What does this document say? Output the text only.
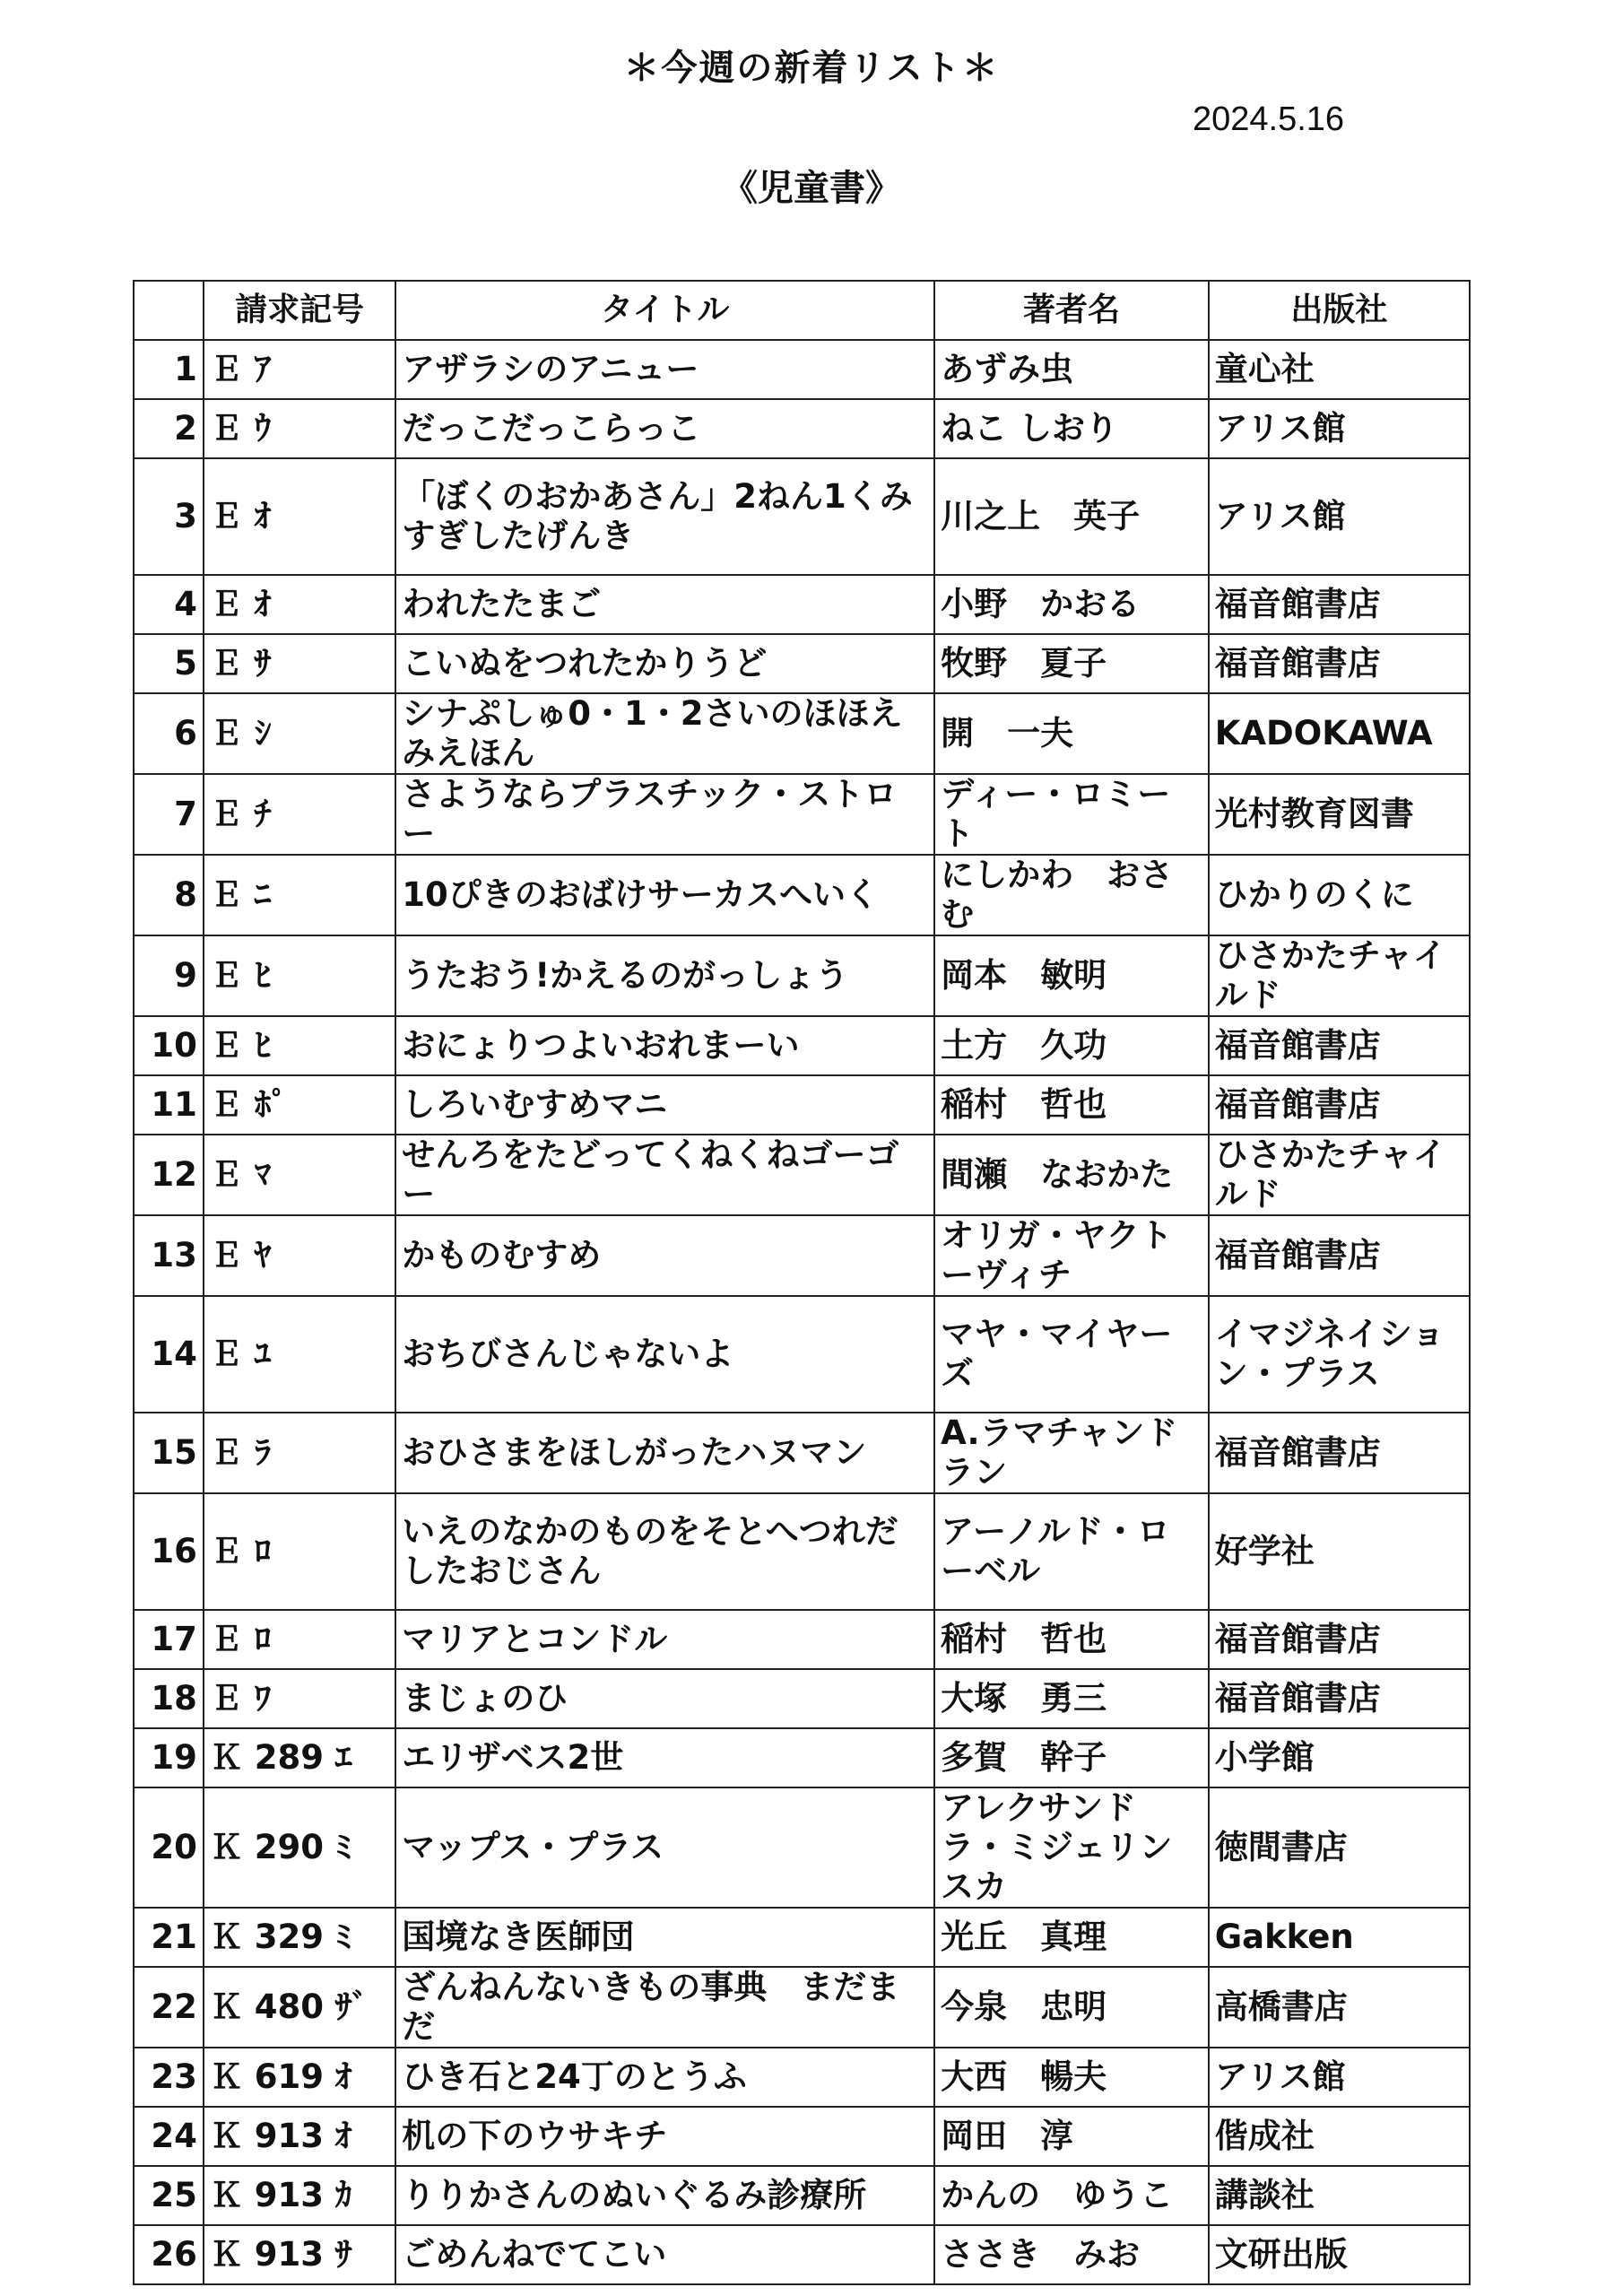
＊今週の新着リスト＊
2024.5.16
《児童書》
	請求記号	タイトル	著者名	出版社
1	Ｅ ｱ	アザラシのアニュー	あずみ虫	童心社
2	Ｅ ｳ	だっこだっこらっこ	ねこ しおり	アリス館
3	Ｅ ｵ	「ぼくのおかあさん」2ねん1くみすぎしたげんき	川之上　英子	アリス館
4	Ｅ ｵ	われたたまご	小野　かおる	福音館書店
5	Ｅ ｻ	こいぬをつれたかりうど	牧野　夏子	福音館書店
6	Ｅ ｼ	シナぷしゅ0・1・2さいのほほえみえほん	開　一夫	KADOKAWA
7	Ｅ ﾁ	さようならプラスチック・ストロー	ディー・ロミート	光村教育図書
8	Ｅ ﾆ	10ぴきのおばけサーカスへいく	にしかわ　おさむ	ひかりのくに
9	Ｅ ﾋ	うたおう!かえるのがっしょう	岡本　敏明	ひさかたチャイルド
10	Ｅ ﾋ	おにょりつよいおれまーい	土方　久功	福音館書店
11	Ｅ ﾎﾟ	しろいむすめマニ	稲村　哲也	福音館書店
12	Ｅ ﾏ	せんろをたどってくねくねゴーゴー	間瀬　なおかた	ひさかたチャイルド
13	Ｅ ﾔ	かものむすめ	オリガ・ヤクトーヴィチ	福音館書店
14	Ｅ ﾕ	おちびさんじゃないよ	マヤ・マイヤーズ	イマジネイション・プラス
15	Ｅ ﾗ	おひさまをほしがったハヌマン	A.ラマチャンドラン	福音館書店
16	Ｅ ﾛ	いえのなかのものをそとへつれだしたおじさん	アーノルド・ローベル	好学社
17	Ｅ ﾛ	マリアとコンドル	稲村　哲也	福音館書店
18	Ｅ ﾜ	まじょのひ	大塚　勇三	福音館書店
19	Ｋ 289 ｴ	エリザベス2世	多賀　幹子	小学館
20	Ｋ 290 ﾐ	マップス・プラス	アレクサンドラ・ミジェリンスカ	徳間書店
21	Ｋ 329 ﾐ	国境なき医師団	光丘　真理	Gakken
22	Ｋ 480 ｻﾞ	ざんねんないきもの事典　まだまだ	今泉　忠明	高橋書店
23	Ｋ 619 ｵ	ひき石と24丁のとうふ	大西　暢夫	アリス館
24	Ｋ 913 ｵ	机の下のウサキチ	岡田　淳	偕成社
25	Ｋ 913 ｶ	りりかさんのぬいぐるみ診療所	かんの　ゆうこ	講談社
26	Ｋ 913 ｻ	ごめんねでてこい	ささき　みお	文研出版
